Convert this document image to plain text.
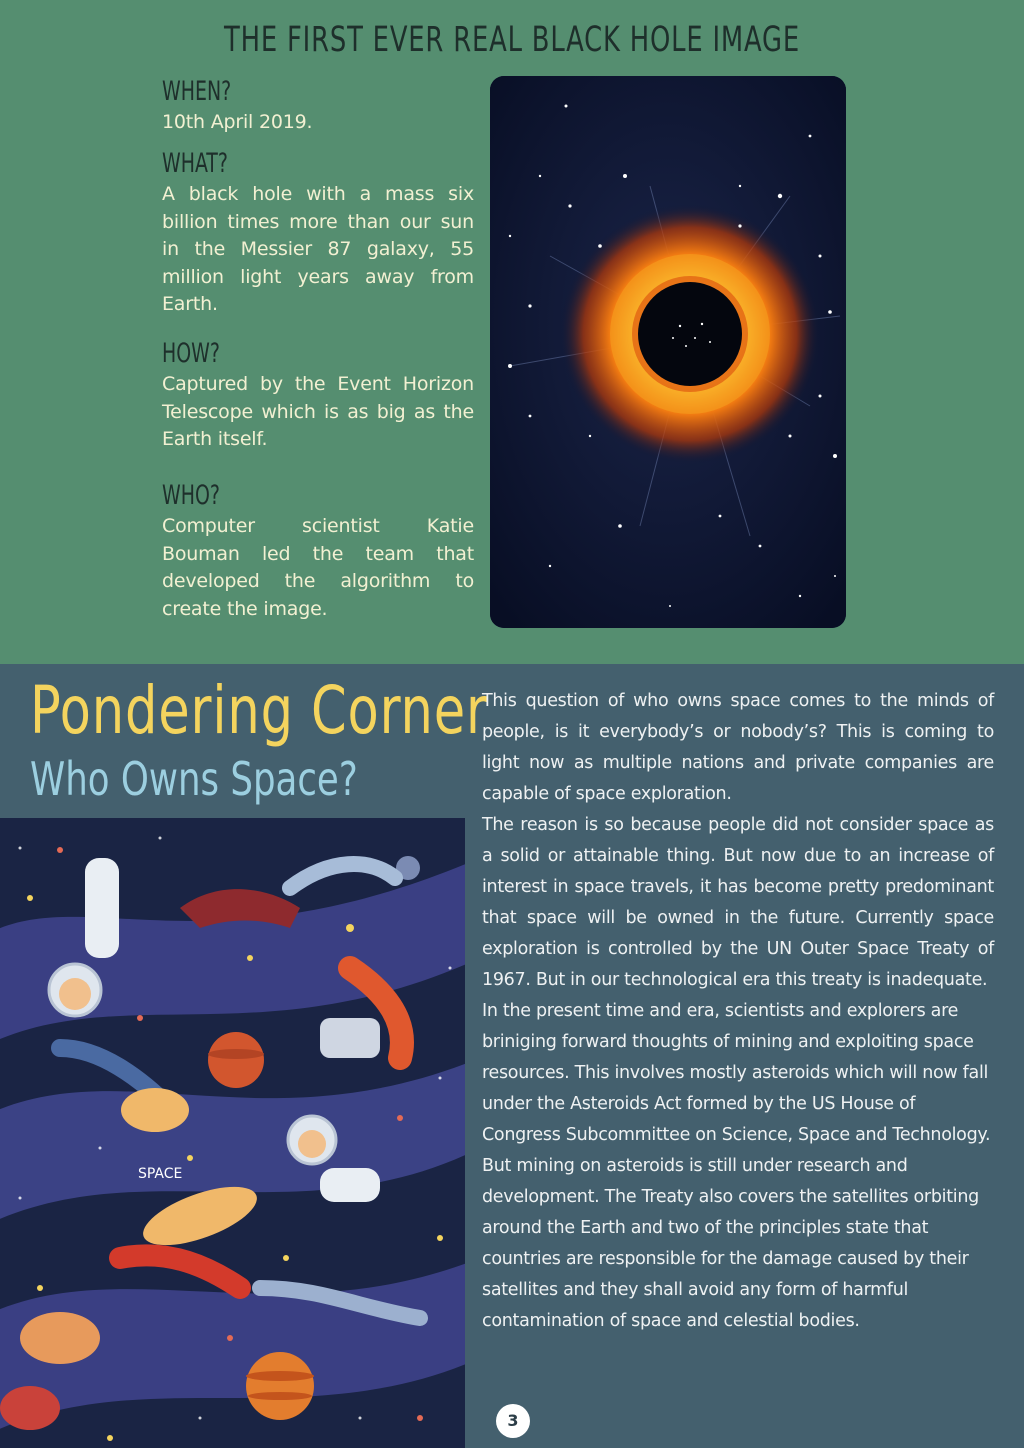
THE FIRST EVER REAL BLACK HOLE IMAGE
WHEN?

10th April 2019.

WHAT?

A black hole with a mass six billion times more than our sun in the Messier 87 galaxy, 55 million light years away from Earth.

HOW?

Captured by the Event Horizon Telescope which is as big as the Earth itself.

WHO?

Computer scientist Katie Bouman led the team that developed the algorithm to create the image.

Pondering Corner
Who Owns Space?
SPACE

This question of who owns space comes to the minds of people, is it everybody’s or nobody’s? This is coming to light now as multiple nations and private companies are capable of space exploration.

The reason is so because people did not consider space as a solid or attainable thing. But now due to an increase of interest in space travels, it has become pretty predominant that space will be owned in the future. Currently space exploration is controlled by the UN Outer Space Treaty of 1967. But in our technological era this treaty is inadequate.

In the present time and era, scientists and explorers are briniging forward thoughts of mining and exploiting space resources. This involves mostly asteroids which will now fall under the Asteroids Act formed by the US House of Congress Subcommittee on Science, Space and Technology. But mining on asteroids is still under research and development. The Treaty also covers the satellites orbiting around the Earth and two of the principles state that countries are responsible for the damage caused by their satellites and they shall avoid any form of harmful contamination of space and celestial bodies.

3
